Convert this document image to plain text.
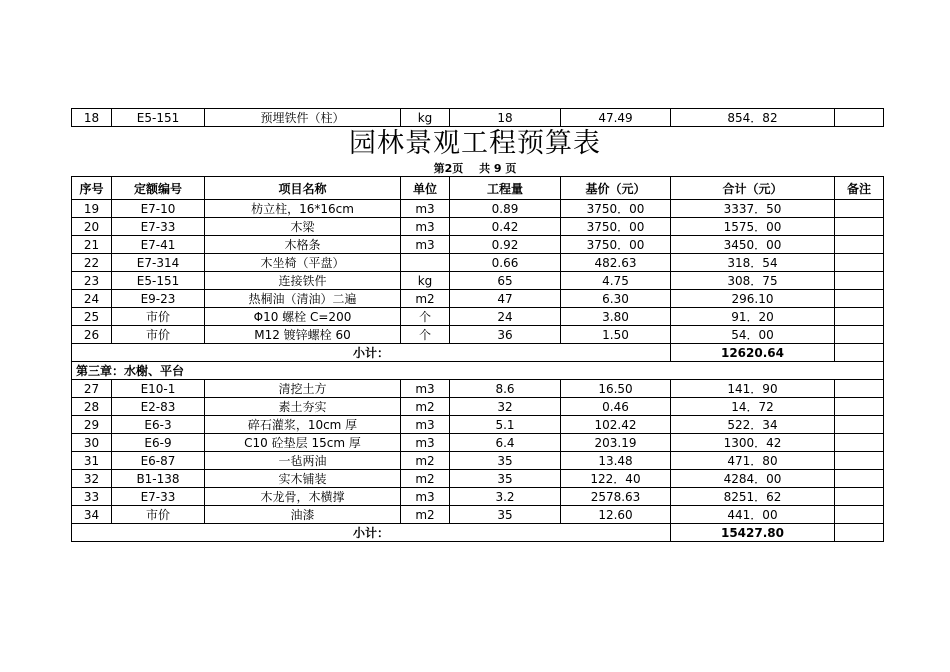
18	E5-151	预埋铁件（柱）	kg	18	47.49	854．82	
园林景观工程预算表
第2页 共 9 页
序号	定额编号	项目名称	单位	工程量	基价（元）	合计（元）	备注
19	E7-10	枋立柱，16*16cm	m3	0.89	3750．00	3337．50	
20	E7-33	木梁	m3	0.42	3750．00	1575．00	
21	E7-41	木格条	m3	0.92	3750．00	3450．00	
22	E7-314	木坐椅（平盘）		0.66	482.63	318．54	
23	E5-151	连接铁件	kg	65	4.75	308．75	
24	E9-23	热桐油（清油）二遍	m2	47	6.30	296.10	
25	市价	Φ10 螺栓 C=200	个	24	3.80	91．20	
26	市价	M12 镀锌螺栓 60	个	36	1.50	54．00	
小计：						12620.64	
第三章：水榭、平台							
27	E10-1	清挖土方	m3	8.6	16.50	141．90	
28	E2-83	素土夯实	m2	32	0.46	14．72	
29	E6-3	碎石灌浆，10cm 厚	m3	5.1	102.42	522．34	
30	E6-9	C10 砼垫层 15cm 厚	m3	6.4	203.19	1300．42	
31	E6-87	一毡两油	m2	35	13.48	471．80	
32	B1-138	实木铺装	m2	35	122．40	4284．00	
33	E7-33	木龙骨，木横撑	m3	3.2	2578.63	8251．62	
34	市价	油漆	m2	35	12.60	441．00	
小计：						15427.80	
